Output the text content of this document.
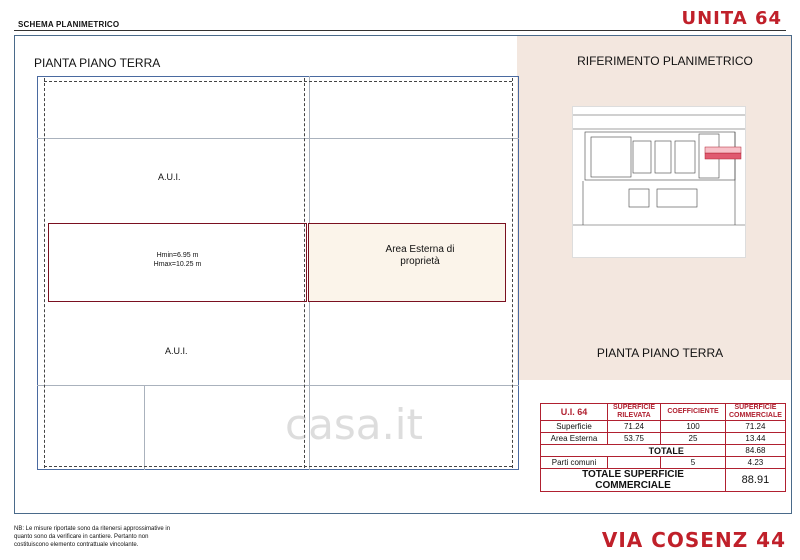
SCHEMA PLANIMETRICO	UNITA 64
PIANTA PIANO TERRA
A.U.I.
A.U.I.
Hmin=6.95 m
Hmax=10.25 m
Area Esterna di proprietà
RIFERIMENTO PLANIMETRICO
PIANTA PIANO TERRA
casa.it	U.I. 64	SUPERFICIE RILEVATA	COEFFICIENTE	SUPERFICIE COMMERCIALE
Superficie	71.24	100	71.24
Area Esterna	53.75	25	13.44
	TOTALE		84.68
Parti comuni		5	4.23
TOTALE SUPERFICIE COMMERCIALE			88.91
NB: Le misure riportate sono da ritenersi approssimative in quanto sono da verificare in cantiere. Pertanto non costituiscono elemento contrattuale vincolante.	VIA COSENZ 44
